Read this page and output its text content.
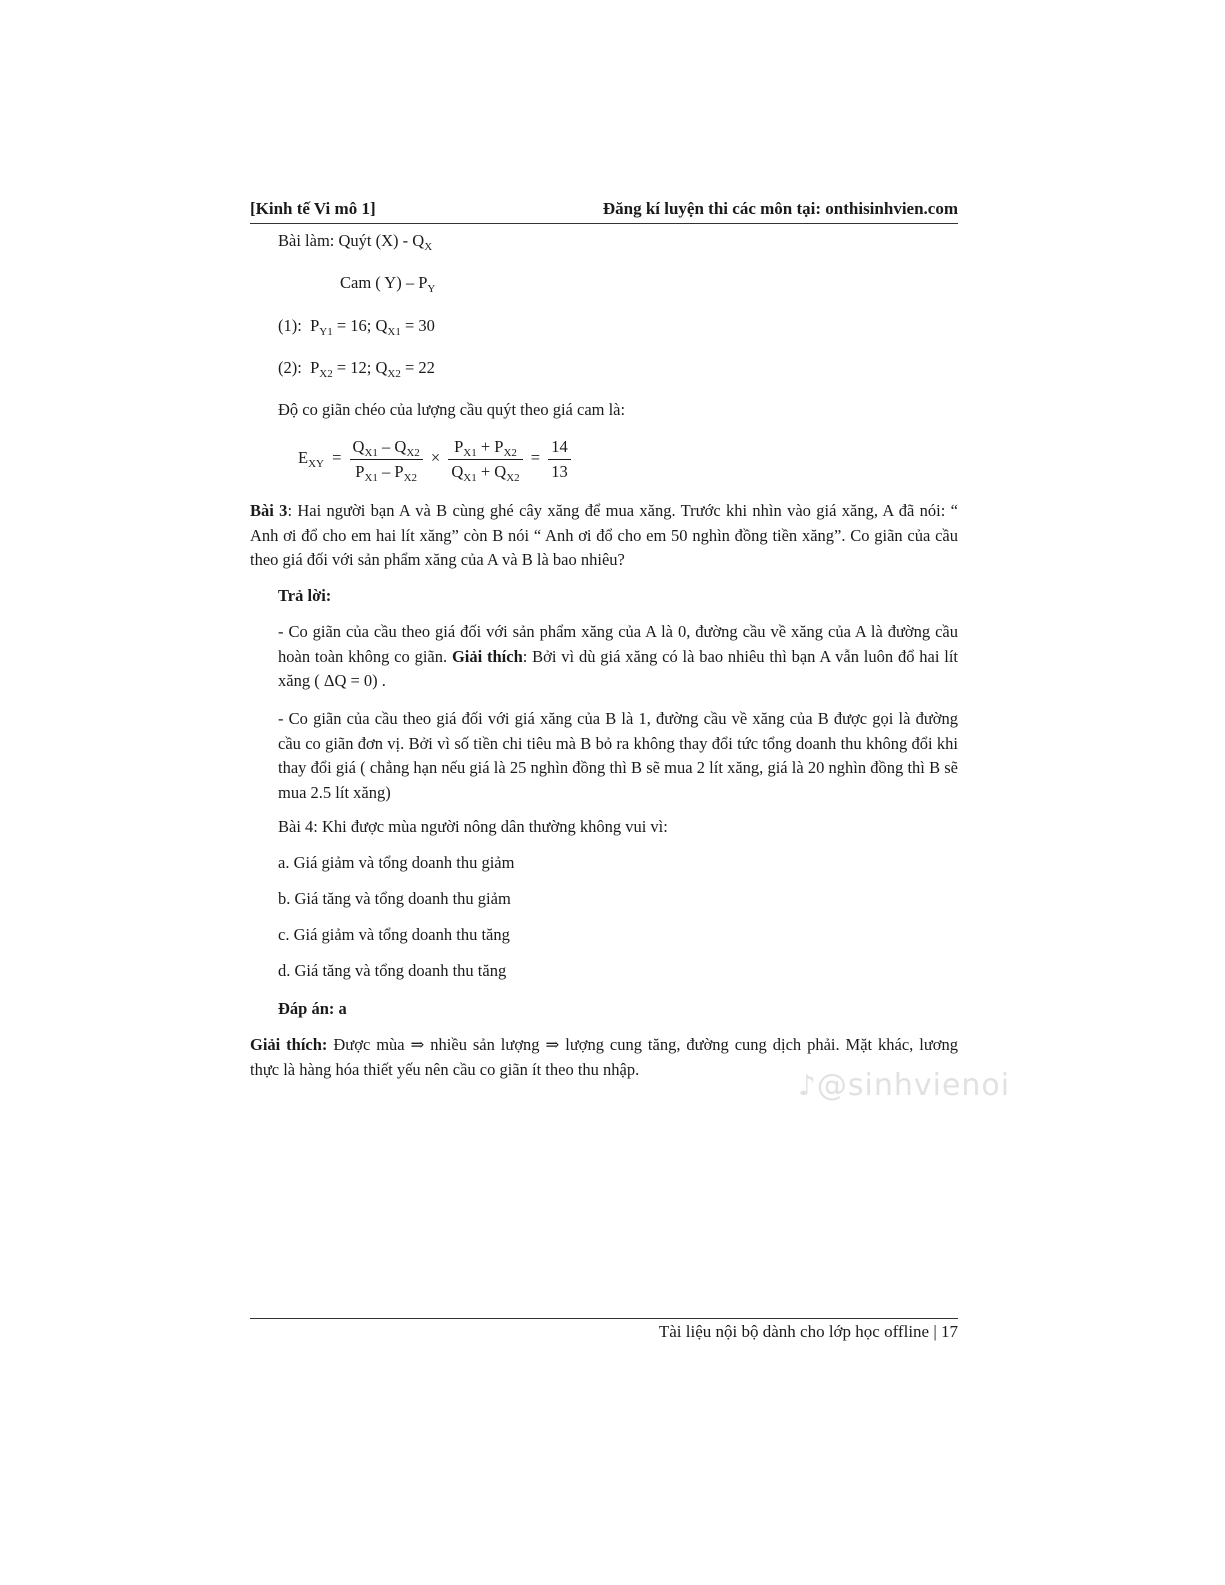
[Kinh tế Vi mô 1]	Đăng kí luyện thi các môn tại: onthisinhvien.com
Bài làm: Quýt $(X) - Q_X$
Cam ( $Y) - P_Y$
(1): $P_{Y1} = 16$; $Q_{X1} = 30$
(2): $P_{X2} = 12$; $Q_{X2} = 22$
Độ co giãn chéo của lượng cầu quýt theo giá cam là:
$E_{XY} = \frac{Q_{X1} - Q_{X2}}{P_{X1} - P_{X2}} \times \frac{P_{X1} + P_{X2}}{Q_{X1} + Q_{X2}} = \frac{14}{13}$
Bài 3: Hai người bạn A và B cùng ghé cây xăng để mua xăng. Trước khi nhìn vào giá xăng, A đã nói: “ Anh ơi đổ cho em hai lít xăng” còn B nói “ Anh ơi đổ cho em 50 nghìn đồng tiền xăng”. Co giãn của cầu theo giá đối với sản phẩm xăng của A và B là bao nhiêu?
Trả lời:
- Co giãn của cầu theo giá đối với sản phẩm xăng của A là 0, đường cầu về xăng của A là đường cầu hoàn toàn không co giãn. Giải thích: Bởi vì dù giá xăng có là bao nhiêu thì bạn A vẫn luôn đổ hai lít xăng ( ΔQ = 0) .
- Co giãn của cầu theo giá đối với giá xăng của B là 1, đường cầu về xăng của B được gọi là đường cầu co giãn đơn vị. Bởi vì số tiền chi tiêu mà B bỏ ra không thay đổi tức tổng doanh thu không đổi khi thay đổi giá ( chẳng hạn nếu giá là 25 nghìn đồng thì B sẽ mua 2 lít xăng, giá là 20 nghìn đồng thì B sẽ mua 2.5 lít xăng)
Bài 4: Khi được mùa người nông dân thường không vui vì:
a. Giá giảm và tổng doanh thu giảm
b. Giá tăng và tổng doanh thu giảm
c. Giá giảm và tổng doanh thu tăng
d. Giá tăng và tổng doanh thu tăng
Đáp án: a
Giải thích: Được mùa ⇒ nhiều sản lượng ⇒ lượng cung tăng, đường cung dịch phải. Mặt khác, lương thực là hàng hóa thiết yếu nên cầu co giãn ít theo thu nhập.	♪@sinhvienoi
Tài liệu nội bộ dành cho lớp học offline | 17
